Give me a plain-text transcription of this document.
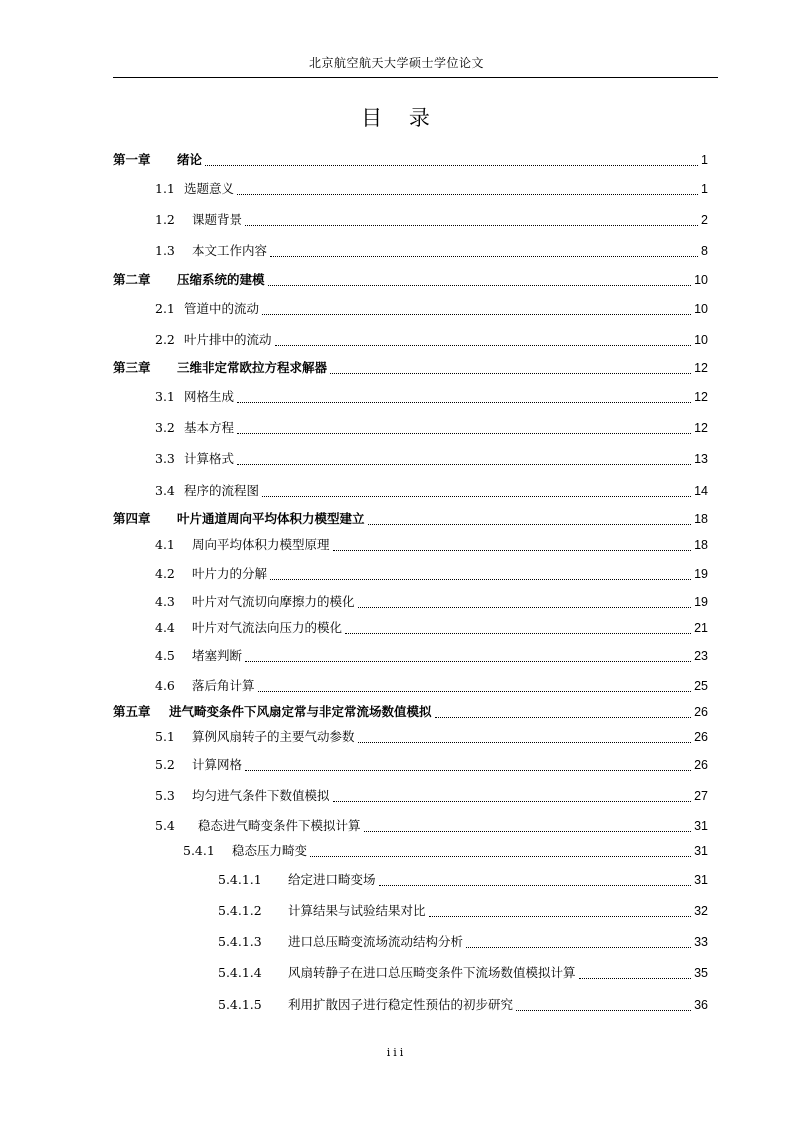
北京航空航天大学硕士学位论文
目 录
第一章	绪论	1
1.1 选题意义	1
1.2	课题背景	2
1.3	本文工作内容	8
第二章	压缩系统的建模	10
2.1 管道中的流动	10
2.2 叶片排中的流动	10
第三章	三维非定常欧拉方程求解器	12
3.1 网格生成	12
3.2 基本方程	12
3.3 计算格式	13
3.4 程序的流程图	14
第四章	叶片通道周向平均体积力模型建立	18
4.1	周向平均体积力模型原理	18
4.2	叶片力的分解	19
4.3	叶片对气流切向摩擦力的模化	19
4.4	叶片对气流法向压力的模化	21
4.5	堵塞判断	23
4.6	落后角计算	25
第五章	进气畸变条件下风扇定常与非定常流场数值模拟	26
5.1	算例风扇转子的主要气动参数	26
5.2	计算网格	26
5.3	均匀进气条件下数值模拟	27
5.4	稳态进气畸变条件下模拟计算	31
5.4.1	稳态压力畸变	31
5.4.1.1	给定进口畸变场	31
5.4.1.2	计算结果与试验结果对比	32
5.4.1.3	进口总压畸变流场流动结构分析	33
5.4.1.4	风扇转静子在进口总压畸变条件下流场数值模拟计算	35
5.4.1.5	利用扩散因子进行稳定性预估的初步研究	36
iii
